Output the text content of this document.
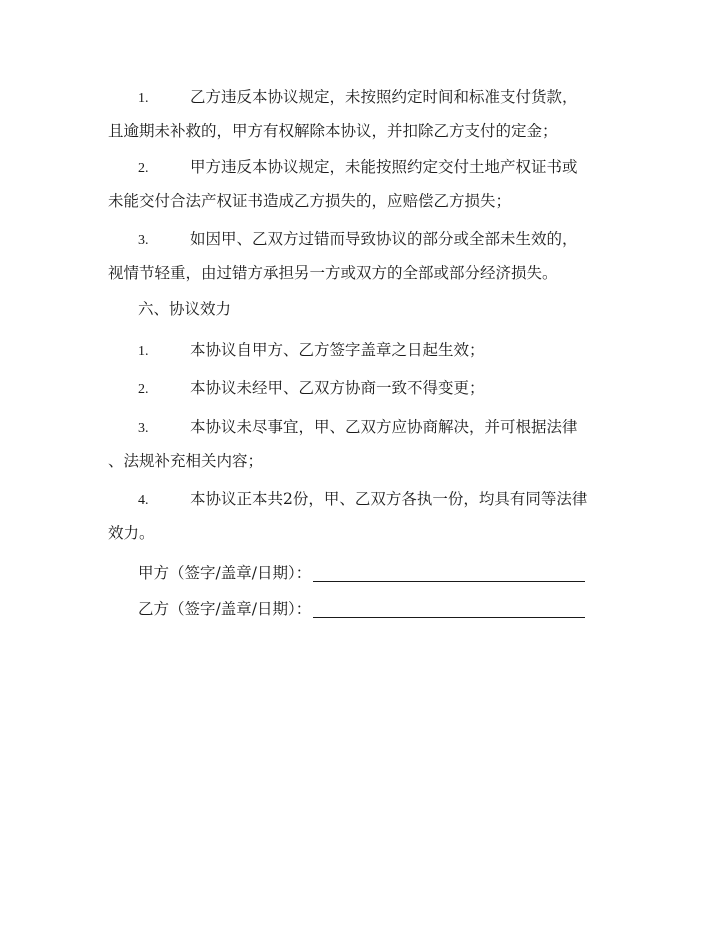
1.	乙方违反本协议规定，未按照约定时间和标准支付货款，
且逾期未补救的，甲方有权解除本协议，并扣除乙方支付的定金；
2.	甲方违反本协议规定，未能按照约定交付土地产权证书或
未能交付合法产权证书造成乙方损失的，应赔偿乙方损失；
3.	如因甲、乙双方过错而导致协议的部分或全部未生效的，
视情节轻重，由过错方承担另一方或双方的全部或部分经济损失。
六、协议效力
1.	本协议自甲方、乙方签字盖章之日起生效；
2.	本协议未经甲、乙双方协商一致不得变更；
3.	本协议未尽事宜，甲、乙双方应协商解决，并可根据法律
、法规补充相关内容；
4.	本协议正本共2份，甲、乙双方各执一份，均具有同等法律
效力。
甲方（签字/盖章/日期）：
乙方（签字/盖章/日期）：
